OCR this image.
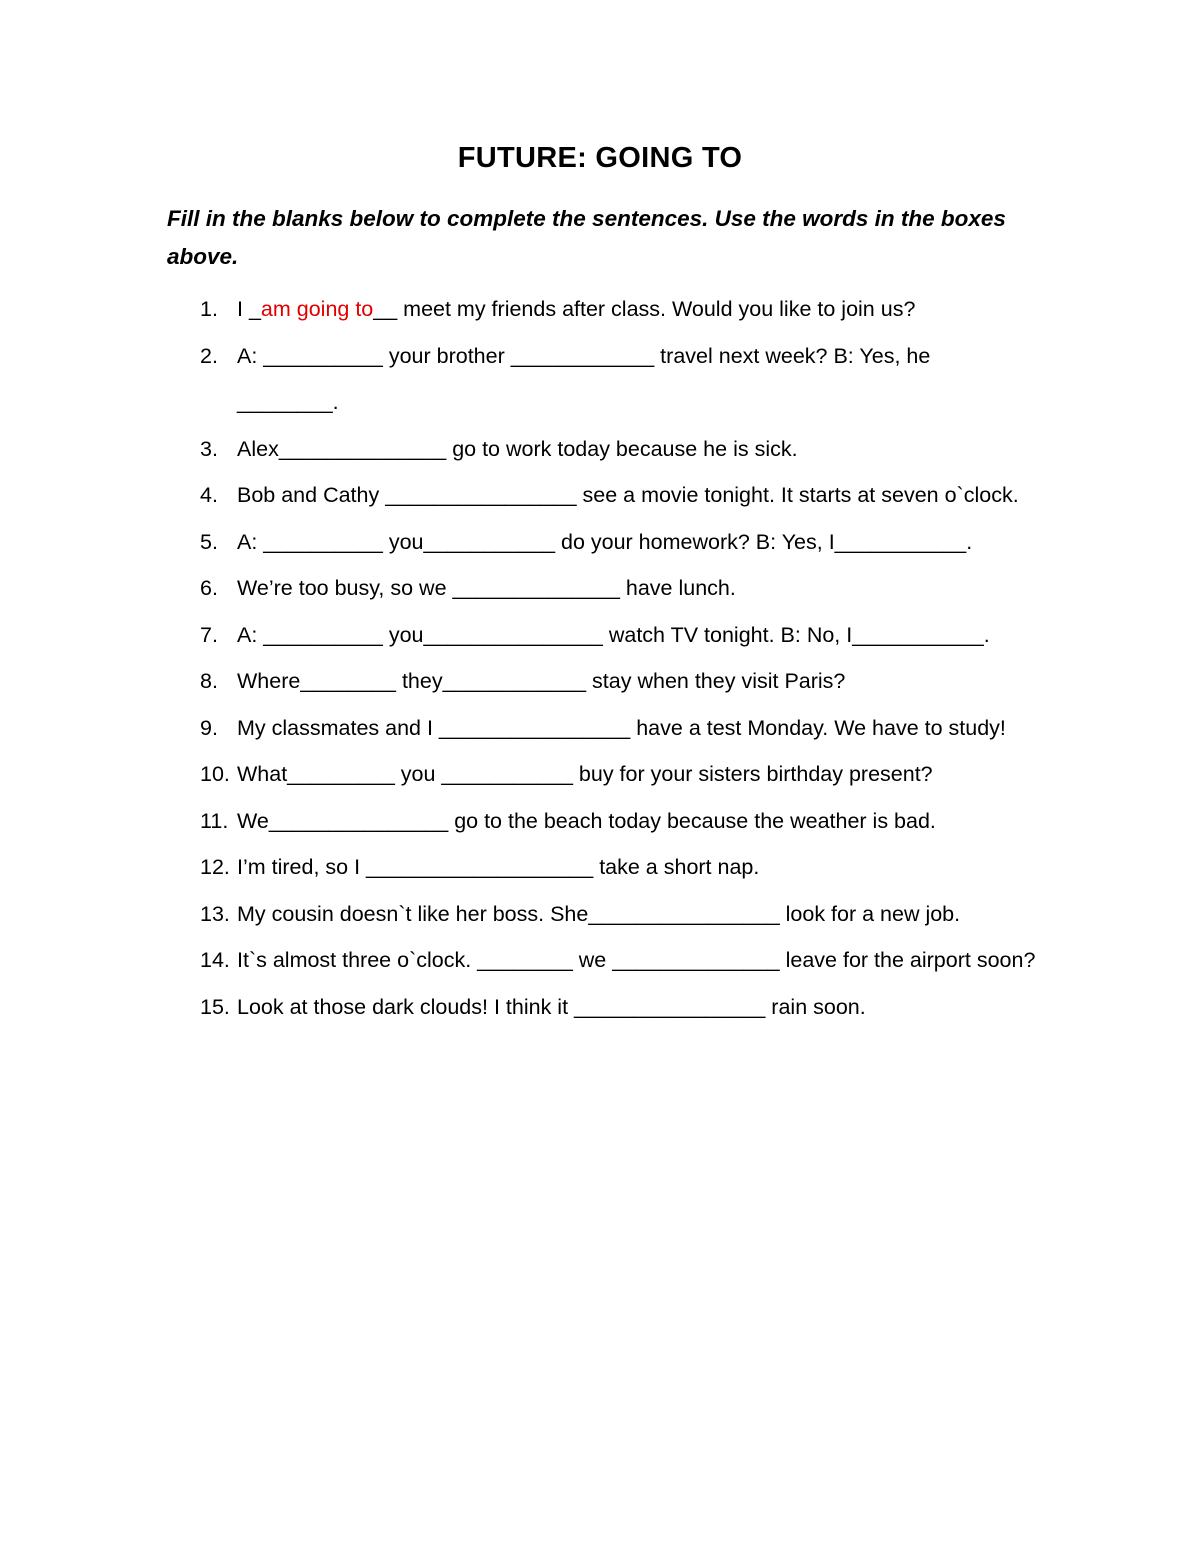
FUTURE: GOING TO
Fill in the blanks below to complete the sentences. Use the words in the boxes above.
1. I _am going to__ meet my friends after class. Would you like to join us?
2. A: __________ your brother ____________ travel next week? B: Yes, he ________.
3. Alex______________ go to work today because he is sick.
4. Bob and Cathy ________________ see a movie tonight. It starts at seven o`clock.
5. A: __________ you___________ do your homework? B: Yes, I___________.
6. We’re too busy, so we ______________ have lunch.
7. A: __________ you_______________ watch TV tonight. B: No, I___________.
8. Where________ they____________ stay when they visit Paris?
9. My classmates and I ________________ have a test Monday. We have to study!
10. What_________ you ___________ buy for your sisters birthday present?
11. We_______________ go to the beach today because the weather is bad.
12. I’m tired, so I ___________________ take a short nap.
13. My cousin doesn`t like her boss. She________________ look for a new job.
14. It`s almost three o`clock. ________ we ______________ leave for the airport soon?
15. Look at those dark clouds! I think it ________________ rain soon.
